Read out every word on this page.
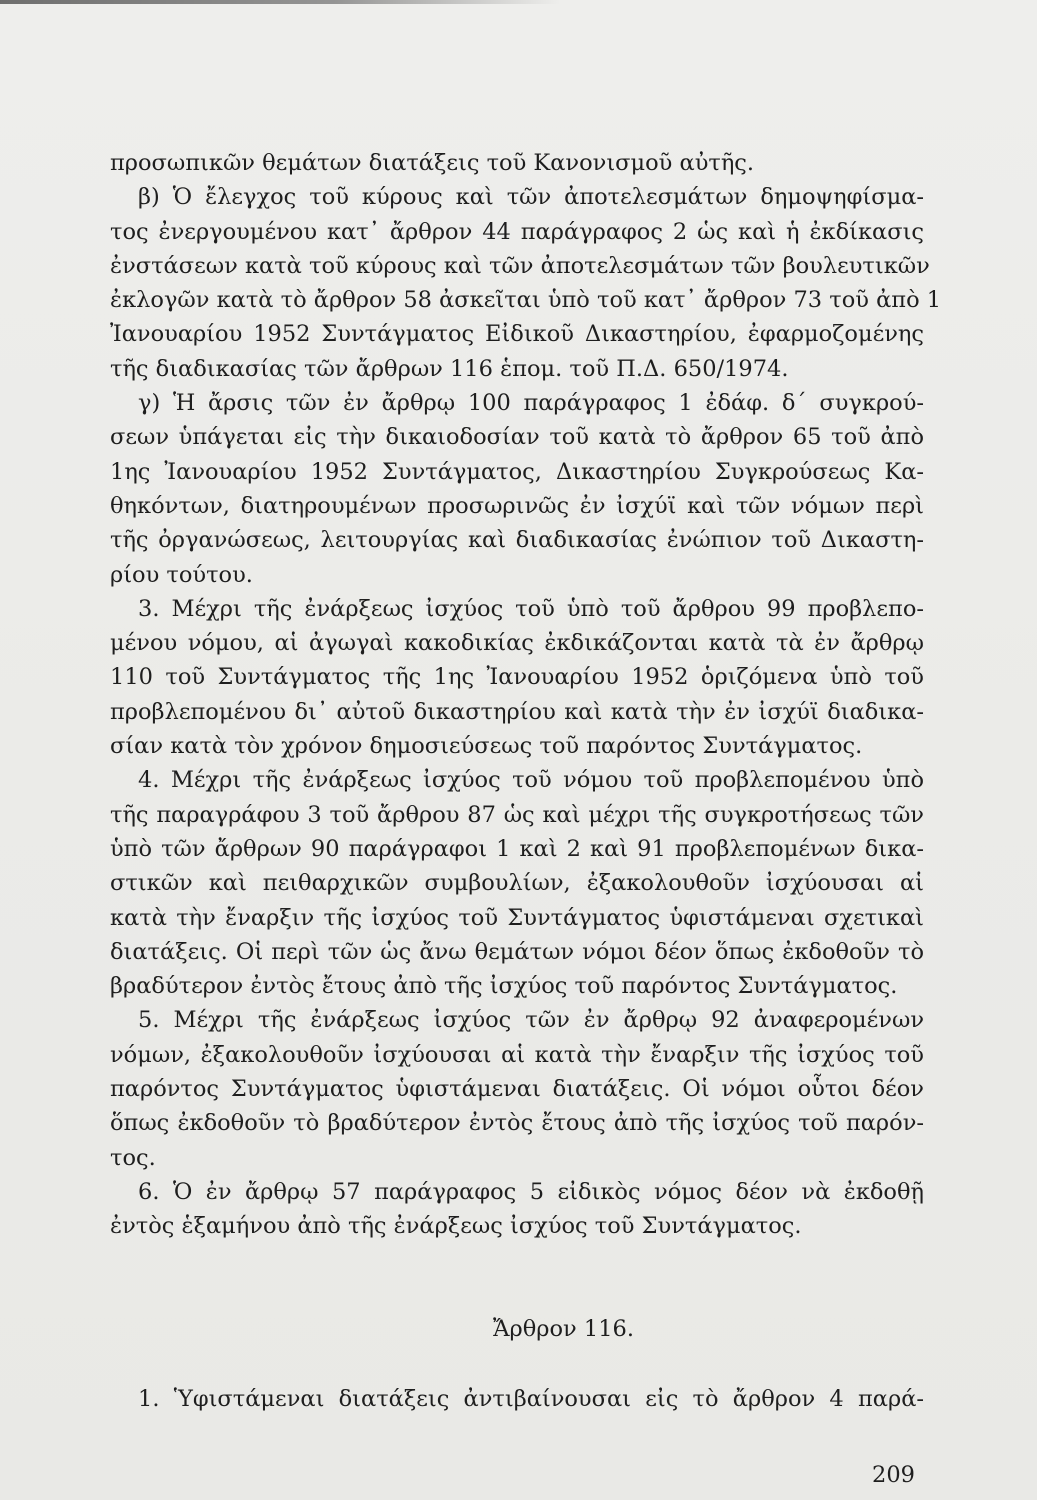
προσωπικῶν θεμάτων διατάξεις τοῦ Κανονισμοῦ αὐτῆς.
β) Ὁ ἔλεγχος τοῦ κύρους καὶ τῶν ἀποτελεσμάτων δημοψηφίσμα-
τος ἐνεργουμένου κατ᾽ ἄρθρον 44 παράγραφος 2 ὡς καὶ ἡ ἐκδίκασις
ἐνστάσεων κατὰ τοῦ κύρους καὶ τῶν ἀποτελεσμάτων τῶν βουλευτικῶν
ἐκλογῶν κατὰ τὸ ἄρθρον 58 ἀσκεῖται ὑπὸ τοῦ κατ᾽ ἄρθρον 73 τοῦ ἀπὸ 1
Ἰανουαρίου 1952 Συντάγματος Εἰδικοῦ Δικαστηρίου, ἐφαρμοζομένης
τῆς διαδικασίας τῶν ἄρθρων 116 ἑπομ. τοῦ Π.Δ. 650/1974.
γ) Ἡ ἄρσις τῶν ἐν ἄρθρῳ 100 παράγραφος 1 ἐδάφ. δ΄ συγκρού-
σεων ὑπάγεται εἰς τὴν δικαιοδοσίαν τοῦ κατὰ τὸ ἄρθρον 65 τοῦ ἀπὸ
1ης Ἰανουαρίου 1952 Συντάγματος, Δικαστηρίου Συγκρούσεως Κα-
θηκόντων, διατηρουμένων προσωρινῶς ἐν ἰσχύϊ καὶ τῶν νόμων περὶ
τῆς ὀργανώσεως, λειτουργίας καὶ διαδικασίας ἐνώπιον τοῦ Δικαστη-
ρίου τούτου.
3. Μέχρι τῆς ἐνάρξεως ἰσχύος τοῦ ὑπὸ τοῦ ἄρθρου 99 προβλεπο-
μένου νόμου, αἱ ἀγωγαὶ κακοδικίας ἐκδικάζονται κατὰ τὰ ἐν ἄρθρῳ
110 τοῦ Συντάγματος τῆς 1ης Ἰανουαρίου 1952 ὁριζόμενα ὑπὸ τοῦ
προβλεπομένου δι᾽ αὐτοῦ δικαστηρίου καὶ κατὰ τὴν ἐν ἰσχύϊ διαδικα-
σίαν κατὰ τὸν χρόνον δημοσιεύσεως τοῦ παρόντος Συντάγματος.
4. Μέχρι τῆς ἐνάρξεως ἰσχύος τοῦ νόμου τοῦ προβλεπομένου ὑπὸ
τῆς παραγράφου 3 τοῦ ἄρθρου 87 ὡς καὶ μέχρι τῆς συγκροτήσεως τῶν
ὑπὸ τῶν ἄρθρων 90 παράγραφοι 1 καὶ 2 καὶ 91 προβλεπομένων δικα-
στικῶν καὶ πειθαρχικῶν συμβουλίων, ἐξακολουθοῦν ἰσχύουσαι αἱ
κατὰ τὴν ἔναρξιν τῆς ἰσχύος τοῦ Συντάγματος ὑφιστάμεναι σχετικαὶ
διατάξεις. Οἱ περὶ τῶν ὡς ἄνω θεμάτων νόμοι δέον ὅπως ἐκδοθοῦν τὸ
βραδύτερον ἐντὸς ἔτους ἀπὸ τῆς ἰσχύος τοῦ παρόντος Συντάγματος.
5. Μέχρι τῆς ἐνάρξεως ἰσχύος τῶν ἐν ἄρθρῳ 92 ἀναφερομένων
νόμων, ἐξακολουθοῦν ἰσχύουσαι αἱ κατὰ τὴν ἔναρξιν τῆς ἰσχύος τοῦ
παρόντος Συντάγματος ὑφιστάμεναι διατάξεις. Οἱ νόμοι οὗτοι δέον
ὅπως ἐκδοθοῦν τὸ βραδύτερον ἐντὸς ἔτους ἀπὸ τῆς ἰσχύος τοῦ παρόν-
τος.
6. Ὁ ἐν ἄρθρῳ 57 παράγραφος 5 εἰδικὸς νόμος δέον νὰ ἐκδοθῇ
ἐντὸς ἑξαμήνου ἀπὸ τῆς ἐνάρξεως ἰσχύος τοῦ Συντάγματος.
Ἄρθρον 116.
1. Ὑφιστάμεναι διατάξεις ἀντιβαίνουσαι εἰς τὸ ἄρθρον 4 παρά-
209
